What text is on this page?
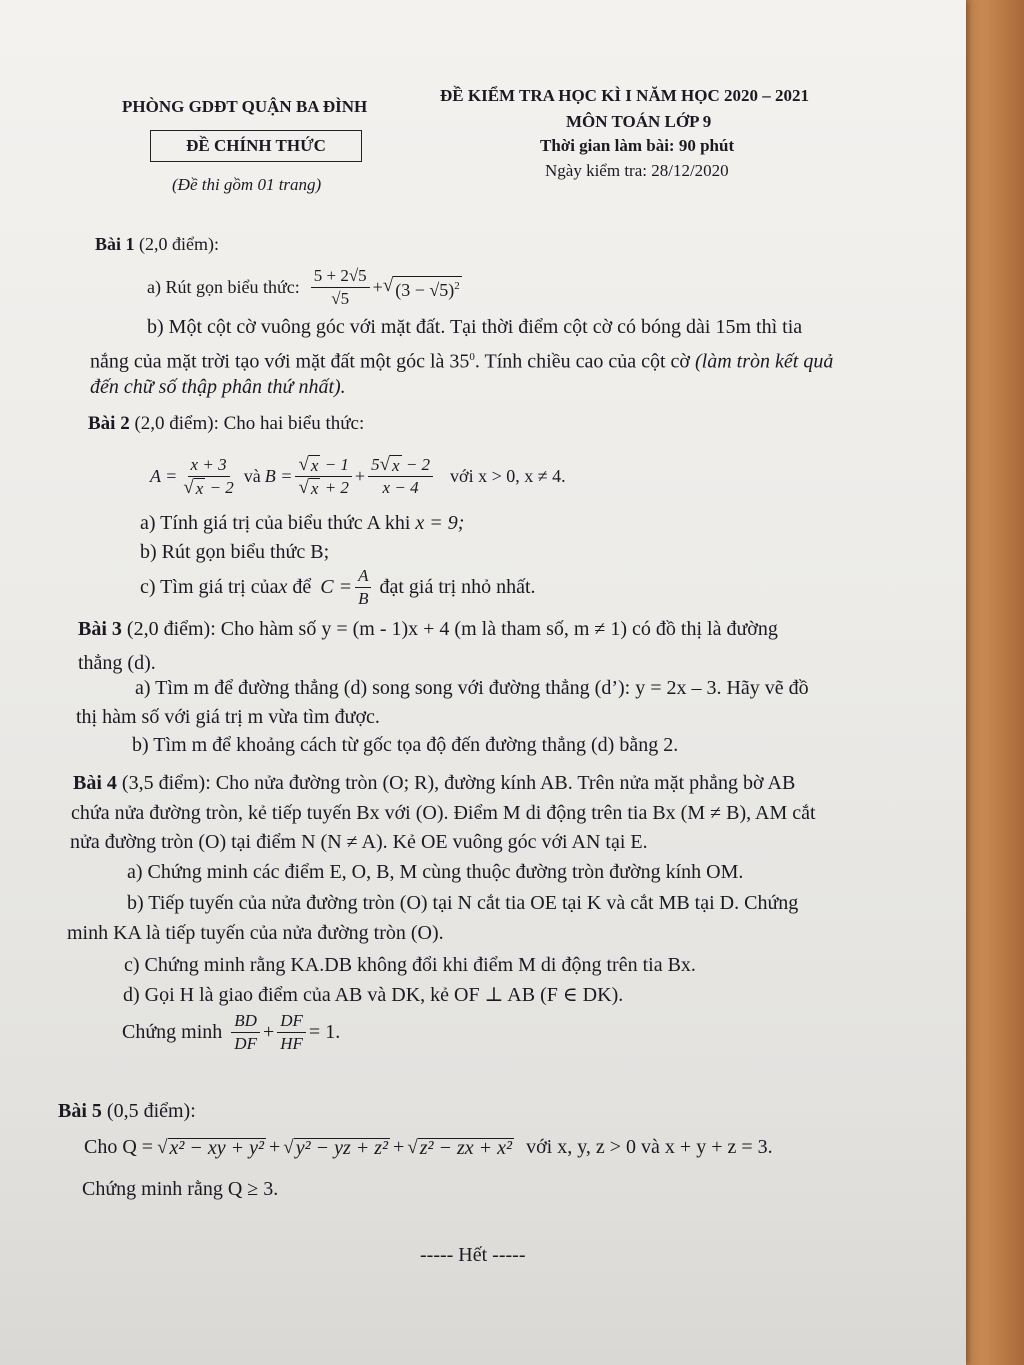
PHÒNG GDĐT QUẬN BA ĐÌNH
ĐỀ CHÍNH THỨC
(Đề thi gồm 01 trang)
ĐỀ KIỂM TRA HỌC KÌ I NĂM HỌC 2020 – 2021
MÔN TOÁN LỚP 9
Thời gian làm bài: 90 phút
Ngày kiểm tra: 28/12/2020
Bài 1 (2,0 điểm):
a) Rút gọn biểu thức: $\frac{5 + 2√5}{√5}$ + √ $(3 - √5)^2$
b) Một cột cờ vuông góc với mặt đất. Tại thời điểm cột cờ có bóng dài 15m thì tia
nắng của mặt trời tạo với mặt đất một góc là $35^0$. Tính chiều cao của cột cờ (làm tròn kết quả
đến chữ số thập phân thứ nhất).
Bài 2 (2,0 điểm): Cho hai biểu thức:
$A = \frac{x + 3}{√ x - 2}$ và $B = \frac{√ x - 1}{√ x + 2} + \frac{5 √ x - 2}{x - 4}$ với x > 0, x ≠ 4.
a) Tính giá trị của biểu thức A khi x = 9;
b) Rút gọn biểu thức B;
c) Tìm giá trị của x để $C = \frac{A}{B}$ đạt giá trị nhỏ nhất.
Bài 3 (2,0 điểm): Cho hàm số y = (m - 1)x + 4 (m là tham số, m ≠ 1) có đồ thị là đường
thẳng (d).
a) Tìm m để đường thẳng (d) song song với đường thẳng (d’): y = 2x – 3. Hãy vẽ đồ
thị hàm số với giá trị m vừa tìm được.
b) Tìm m để khoảng cách từ gốc tọa độ đến đường thẳng (d) bằng 2.
Bài 4 (3,5 điểm): Cho nửa đường tròn (O; R), đường kính AB. Trên nửa mặt phẳng bờ AB
chứa nửa đường tròn, kẻ tiếp tuyến Bx với (O). Điểm M di động trên tia Bx (M ≠ B), AM cắt
nửa đường tròn (O) tại điểm N (N ≠ A). Kẻ OE vuông góc với AN tại E.
a) Chứng minh các điểm E, O, B, M cùng thuộc đường tròn đường kính OM.
b) Tiếp tuyến của nửa đường tròn (O) tại N cắt tia OE tại K và cắt MB tại D. Chứng
minh KA là tiếp tuyến của nửa đường tròn (O).
c) Chứng minh rằng KA.DB không đổi khi điểm M di động trên tia Bx.
d) Gọi H là giao điểm của AB và DK, kẻ OF ⊥ AB (F ∈ DK).
Chứng minh $\frac{BD}{DF} + \frac{DF}{HF} = 1$.
Bài 5 (0,5 điểm):
Cho Q = √ x² − xy + y² + √ y² − yz + z² + √ z² − zx + x² với x, y, z > 0 và x + y + z = 3.
Chứng minh rằng Q ≥ 3.
----- Hết -----
